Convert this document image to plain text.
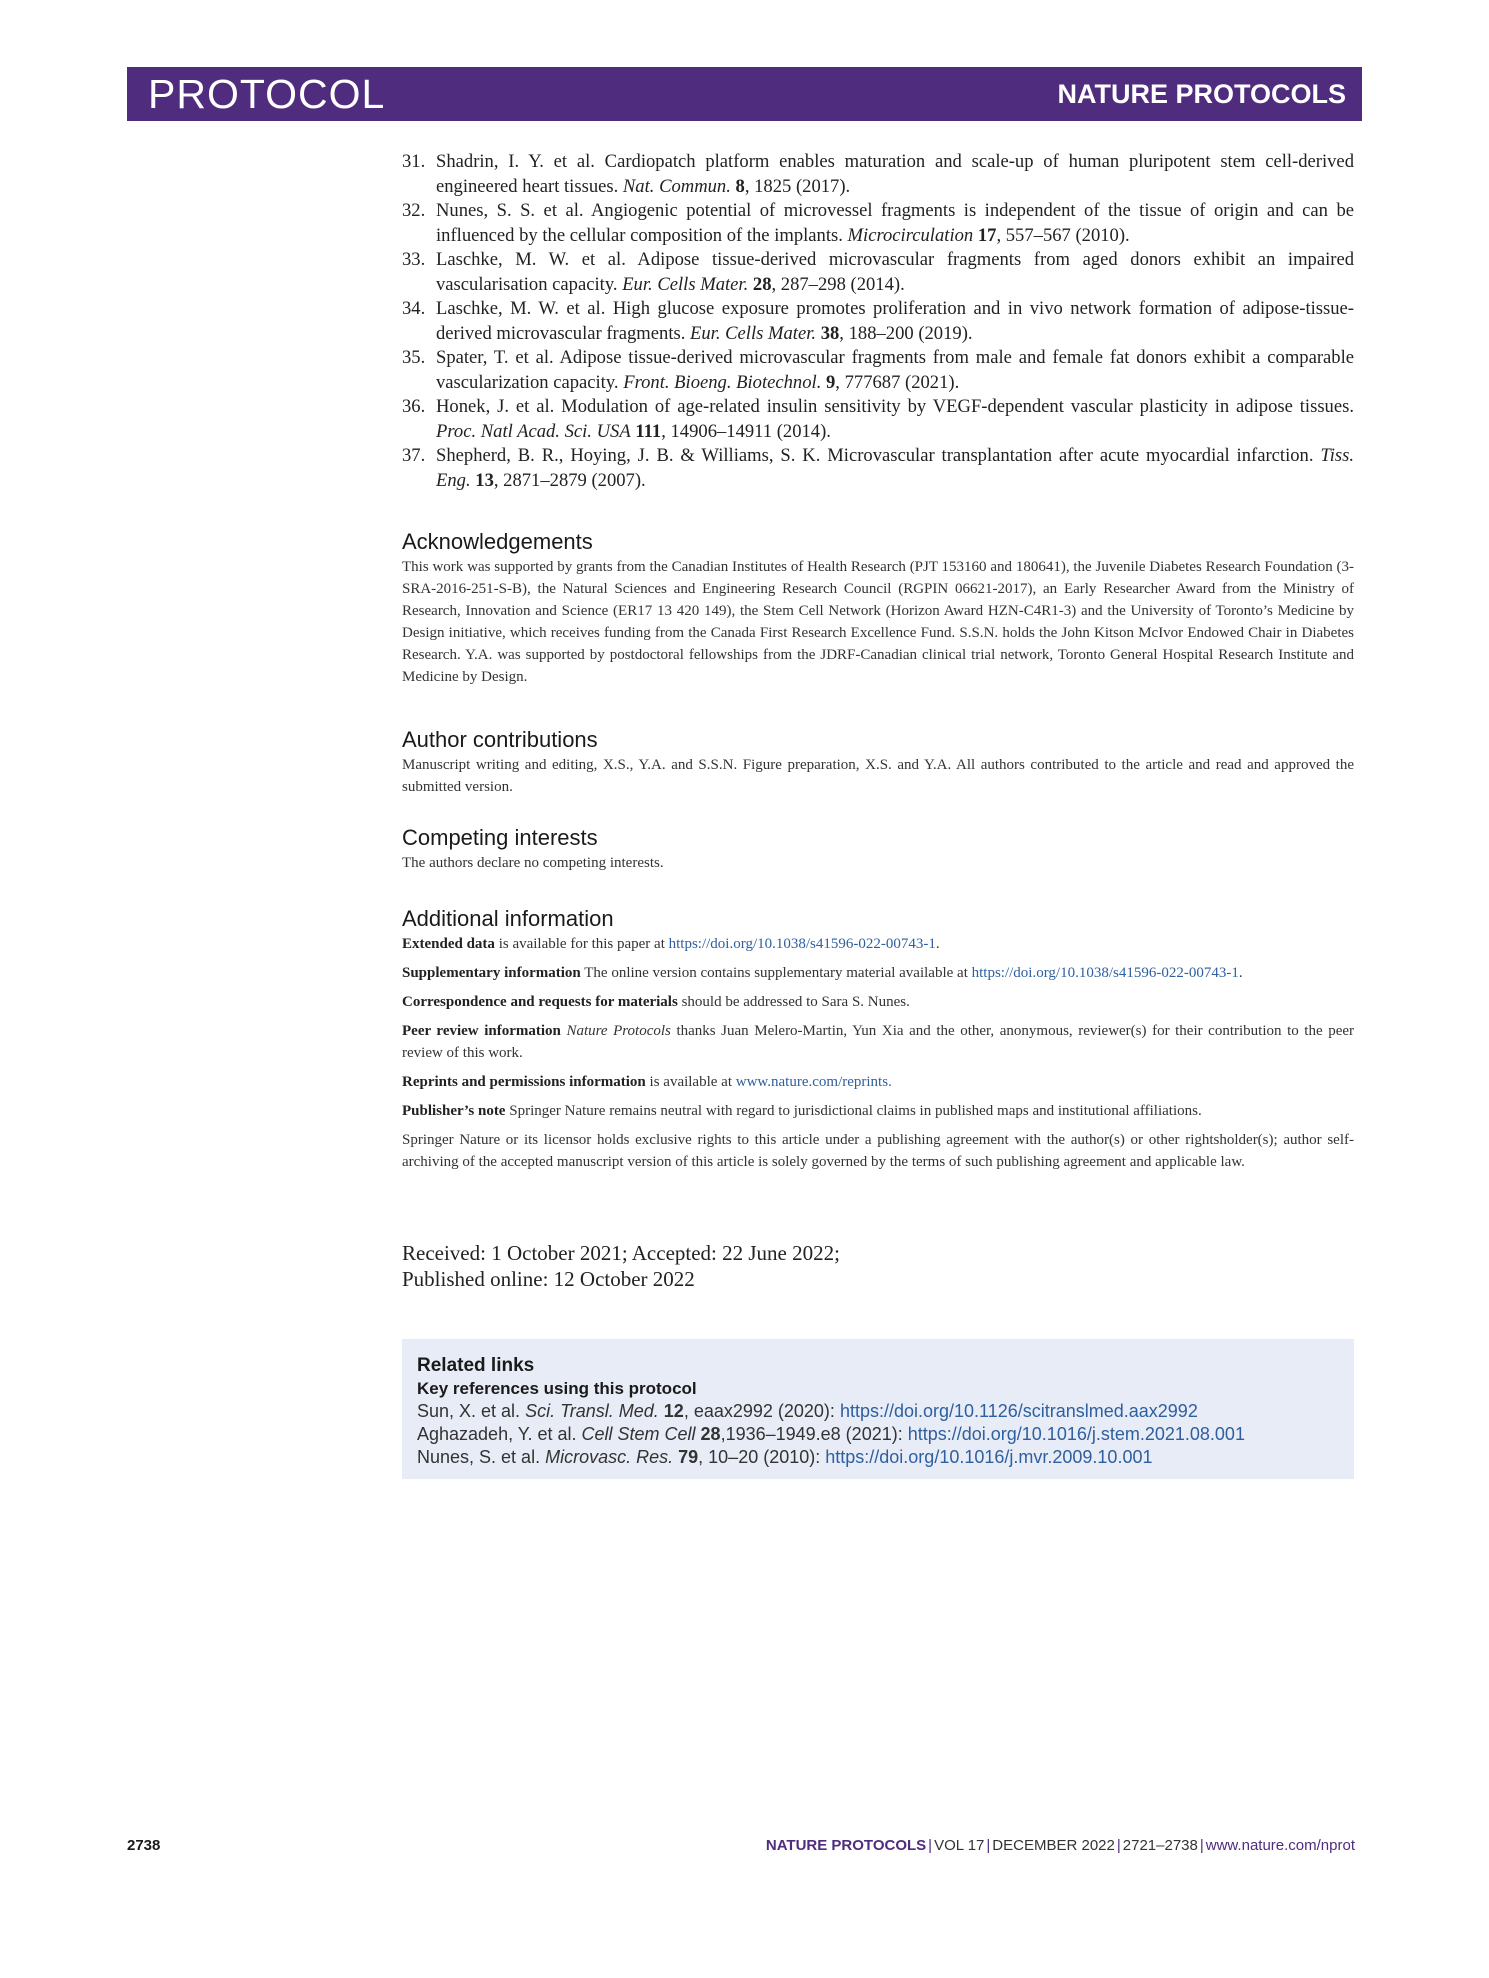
PROTOCOL	NATURE PROTOCOLS
31. Shadrin, I. Y. et al. Cardiopatch platform enables maturation and scale-up of human pluripotent stem cell-derived engineered heart tissues. Nat. Commun. 8, 1825 (2017).
32. Nunes, S. S. et al. Angiogenic potential of microvessel fragments is independent of the tissue of origin and can be influenced by the cellular composition of the implants. Microcirculation 17, 557–567 (2010).
33. Laschke, M. W. et al. Adipose tissue-derived microvascular fragments from aged donors exhibit an impaired vascularisation capacity. Eur. Cells Mater. 28, 287–298 (2014).
34. Laschke, M. W. et al. High glucose exposure promotes proliferation and in vivo network formation of adipose-tissue-derived microvascular fragments. Eur. Cells Mater. 38, 188–200 (2019).
35. Spater, T. et al. Adipose tissue-derived microvascular fragments from male and female fat donors exhibit a comparable vascularization capacity. Front. Bioeng. Biotechnol. 9, 777687 (2021).
36. Honek, J. et al. Modulation of age-related insulin sensitivity by VEGF-dependent vascular plasticity in adipose tissues. Proc. Natl Acad. Sci. USA 111, 14906–14911 (2014).
37. Shepherd, B. R., Hoying, J. B. & Williams, S. K. Microvascular transplantation after acute myocardial infarction. Tiss. Eng. 13, 2871–2879 (2007).
Acknowledgements

This work was supported by grants from the Canadian Institutes of Health Research (PJT 153160 and 180641), the Juvenile Diabetes Research Foundation (3-SRA-2016-251-S-B), the Natural Sciences and Engineering Research Council (RGPIN 06621-2017), an Early Researcher Award from the Ministry of Research, Innovation and Science (ER17 13 420 149), the Stem Cell Network (Horizon Award HZN-C4R1-3) and the University of Toronto’s Medicine by Design initiative, which receives funding from the Canada First Research Excellence Fund. S.S.N. holds the John Kitson McIvor Endowed Chair in Diabetes Research. Y.A. was supported by postdoctoral fellowships from the JDRF-Canadian clinical trial network, Toronto General Hospital Research Institute and Medicine by Design.

Author contributions

Manuscript writing and editing, X.S., Y.A. and S.S.N. Figure preparation, X.S. and Y.A. All authors contributed to the article and read and approved the submitted version.

Competing interests

The authors declare no competing interests.

Additional information

Extended data is available for this paper at https://doi.org/10.1038/s41596-022-00743-1.

Supplementary information The online version contains supplementary material available at https://doi.org/10.1038/s41596-022-00743-1.

Correspondence and requests for materials should be addressed to Sara S. Nunes.

Peer review information Nature Protocols thanks Juan Melero-Martin, Yun Xia and the other, anonymous, reviewer(s) for their contribution to the peer review of this work.

Reprints and permissions information is available at www.nature.com/reprints.

Publisher’s note Springer Nature remains neutral with regard to jurisdictional claims in published maps and institutional affiliations.

Springer Nature or its licensor holds exclusive rights to this article under a publishing agreement with the author(s) or other rightsholder(s); author self-archiving of the accepted manuscript version of this article is solely governed by the terms of such publishing agreement and applicable law.

Received: 1 October 2021; Accepted: 22 June 2022;
Published online: 12 October 2022
Related links
Key references using this protocol
Sun, X. et al. Sci. Transl. Med. 12, eaax2992 (2020): https://doi.org/10.1126/scitranslmed.aax2992
Aghazadeh, Y. et al. Cell Stem Cell 28,1936–1949.e8 (2021): https://doi.org/10.1016/j.stem.2021.08.001
Nunes, S. et al. Microvasc. Res. 79, 10–20 (2010): https://doi.org/10.1016/j.mvr.2009.10.001
2738	NATURE PROTOCOLS | VOL 17 | DECEMBER 2022 | 2721–2738 | www.nature.com/nprot
